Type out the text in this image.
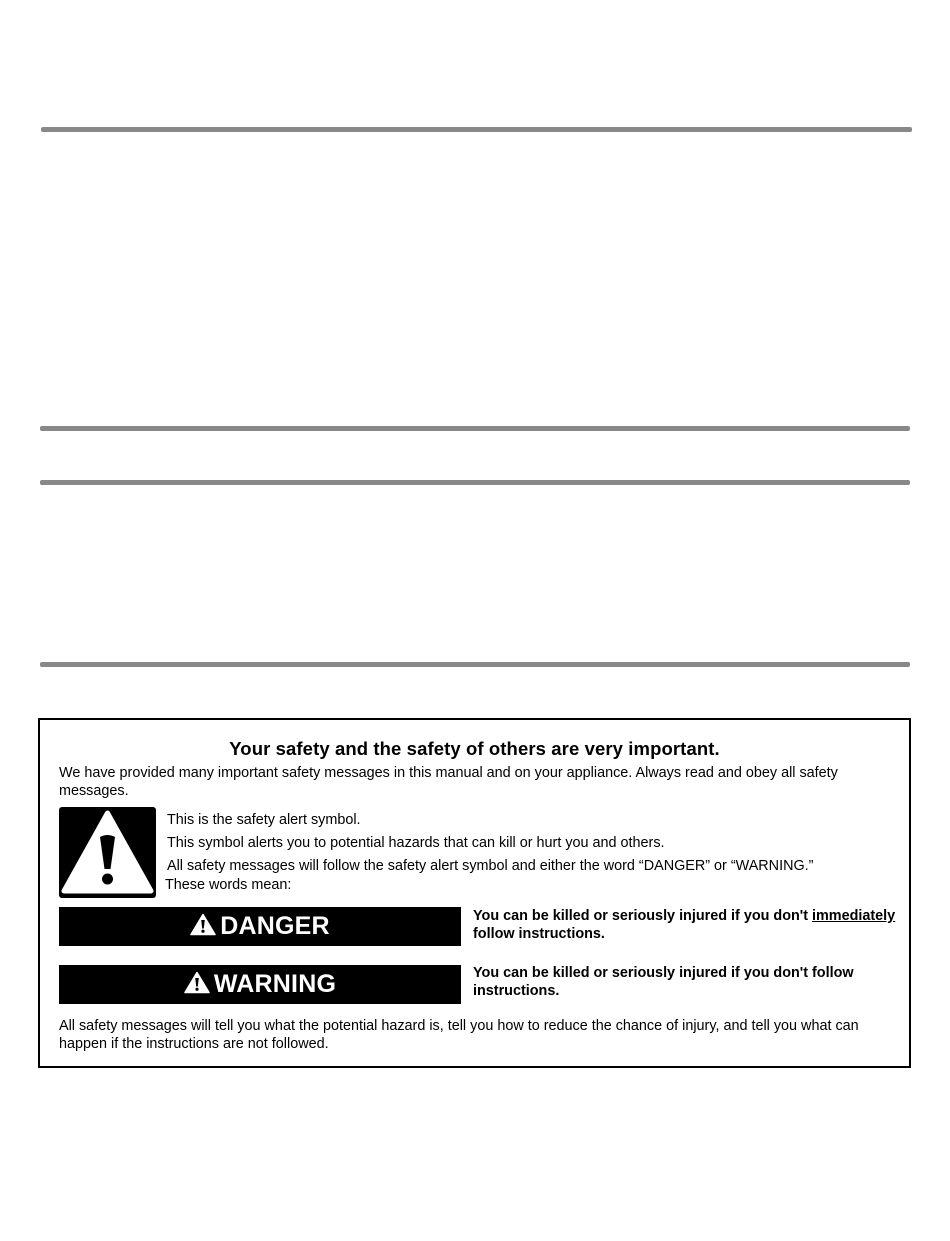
Your safety and the safety of others are very important.

We have provided many important safety messages in this manual and on your appliance. Always read and obey all safety messages.

This is the safety alert symbol.

This symbol alerts you to potential hazards that can kill or hurt you and others.

All safety messages will follow the safety alert symbol and either the word “DANGER” or “WARNING.”

These words mean:

DANGER	You can be killed or seriously injured if you don't immediately follow instructions.

WARNING	You can be killed or seriously injured if you don't follow instructions.

All safety messages will tell you what the potential hazard is, tell you how to reduce the chance of injury, and tell you what can happen if the instructions are not followed.
